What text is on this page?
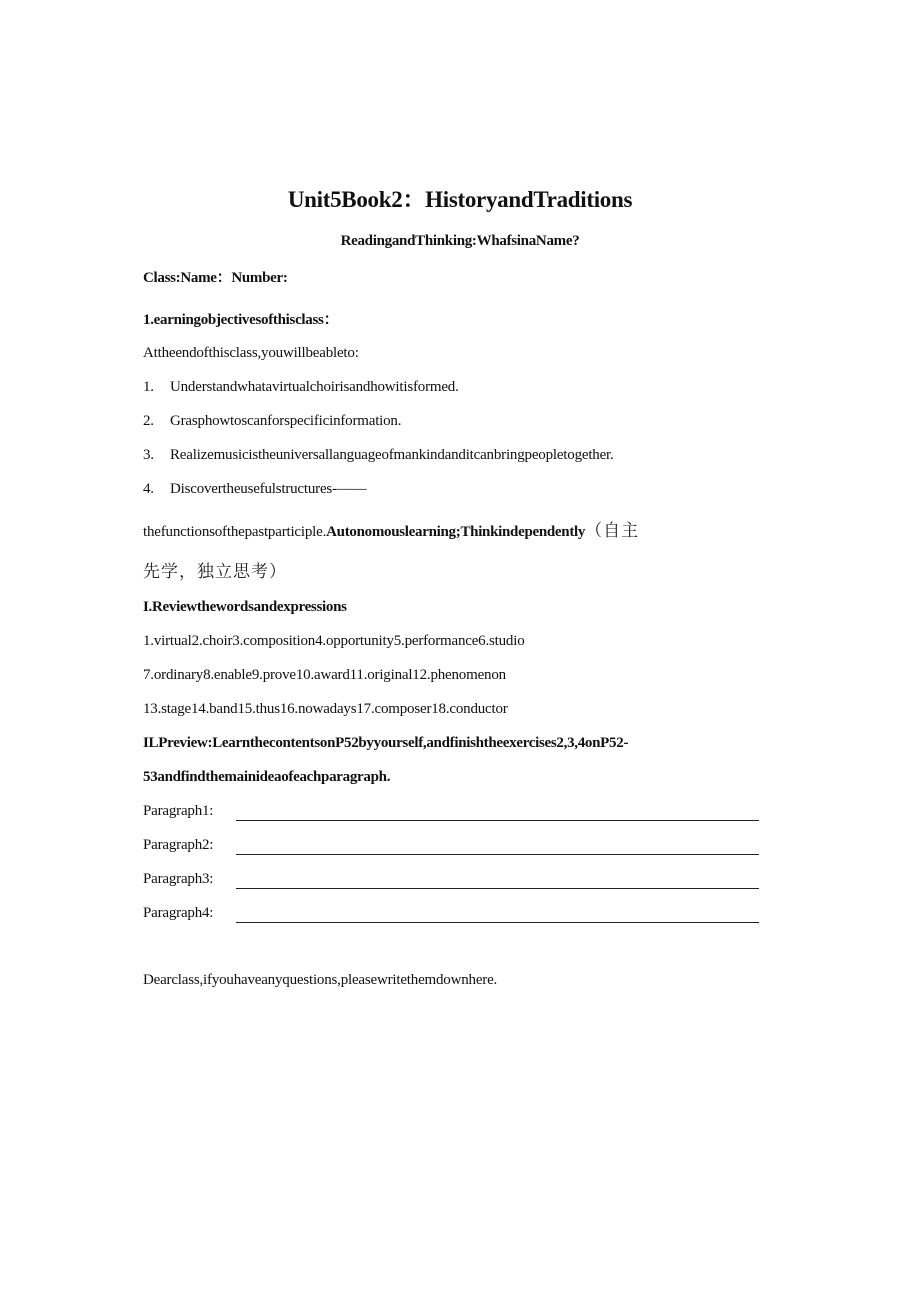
Unit5Book2：HistoryandTraditions
ReadingandThinking:WhafsinaName?
Class:Name：Number:
1.earningobjectivesofthisclass：
Attheendofthisclass,youwillbeableto:
1. Understandwhatavirtualchoirisandhowitisformed.
2. Grasphowtoscanforspecificinformation.
3. Realizemusicistheuniversallanguageofmankindanditcanbringpeopletogether.
4. Discovertheusefulstructures-——
thefunctionsofthepastparticiple.Autonomouslearning;Thinkindependently（自主
先学，独立思考）
I.Reviewthewordsandexpressions
1.virtual2.choir3.composition4.opportunity5.performance6.studio
7.ordinary8.enable9.prove10.award11.original12.phenomenon
13.stage14.band15.thus16.nowadays17.composer18.conductor
ILPreview:LearnthecontentsonP52byyourself,andfinishtheexercises2,3,4onP52-
53andfindthemainideaofeachparagraph.
Paragraph1:
Paragraph2:
Paragraph3:
Paragraph4:
Dearclass,ifyouhaveanyquestions,pleasewritethemdownhere.
